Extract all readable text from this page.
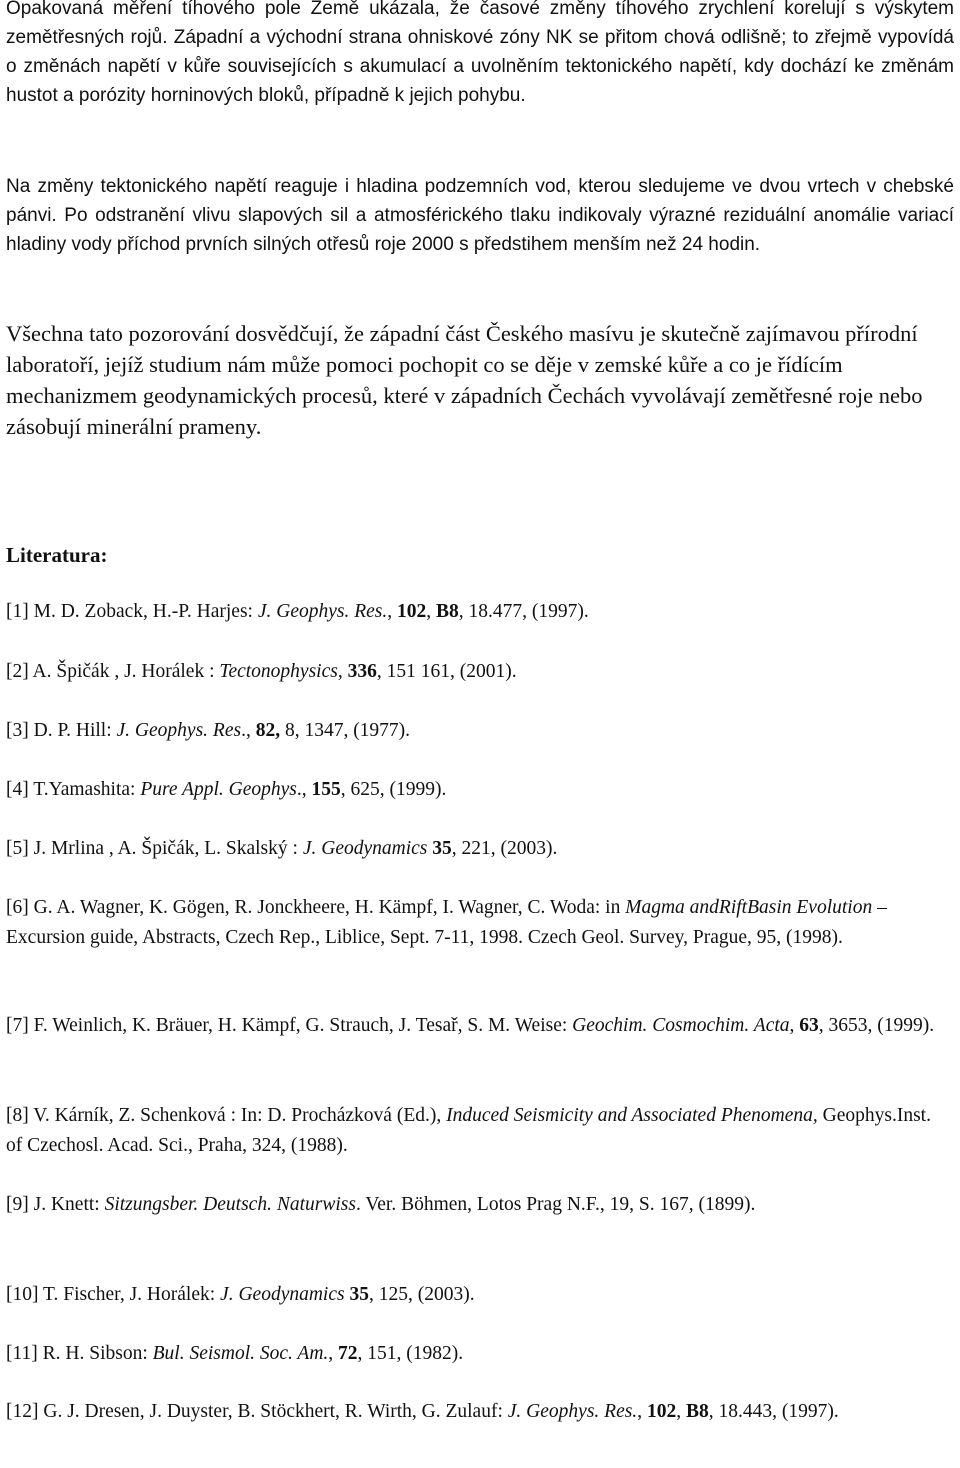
Opakovaná měření tíhového pole Země ukázala, že časové změny tíhového zrychlení korelují s výskytem zemětřesných rojů. Západní a východní strana ohniskové zóny NK se přitom chová odlišně; to zřejmě vypovídá o změnách napětí v kůře souvisejících s akumulací a uvolněním tektonického napětí, kdy dochází ke změnám hustot a porózity horninových bloků, případně k jejich pohybu.

Na změny tektonického napětí reaguje i hladina podzemních vod, kterou sledujeme ve dvou vrtech v chebské pánvi. Po odstranění vlivu slapových sil a atmosférického tlaku indikovaly výrazné reziduální anomálie variací hladiny vody příchod prvních silných otřesů roje 2000 s předstihem menším než 24 hodin.

Všechna tato pozorování dosvědčují, že západní část Českého masívu je skutečně zajímavou přírodní laboratoří, jejíž studium nám může pomoci pochopit co se děje v zemské kůře a co je řídícím mechanizmem geodynamických procesů, které v západních Čechách vyvolávají zemětřesné roje nebo zásobují minerální prameny.

Literatura:
[1] M. D. Zoback, H.-P. Harjes: J. Geophys. Res., 102, B8, 18.477, (1997).
[2] A. Špičák , J. Horálek : Tectonophysics, 336, 151 161, (2001).
[3] D. P. Hill: J. Geophys. Res., 82, 8, 1347, (1977).
[4] T.Yamashita: Pure Appl. Geophys., 155, 625, (1999).
[5] J. Mrlina , A. Špičák, L. Skalský : J. Geodynamics 35, 221, (2003).
[6] G. A. Wagner, K. Gögen, R. Jonckheere, H. Kämpf, I. Wagner, C. Woda: in Magma andRiftBasin Evolution – Excursion guide, Abstracts, Czech Rep., Liblice, Sept. 7-11, 1998. Czech Geol. Survey, Prague, 95, (1998).
[7] F. Weinlich, K. Bräuer, H. Kämpf, G. Strauch, J. Tesař, S. M. Weise: Geochim. Cosmochim. Acta, 63, 3653, (1999).
[8] V. Kárník, Z. Schenková : In: D. Procházková (Ed.), Induced Seismicity and Associated Phenomena, Geophys.Inst. of Czechosl. Acad. Sci., Praha, 324, (1988).
[9] J. Knett: Sitzungsber. Deutsch. Naturwiss. Ver. Böhmen, Lotos Prag N.F., 19, S. 167, (1899).
[10] T. Fischer, J. Horálek: J. Geodynamics 35, 125, (2003).
[11] R. H. Sibson: Bul. Seismol. Soc. Am., 72, 151, (1982).
[12] G. J. Dresen, J. Duyster, B. Stöckhert, R. Wirth, G. Zulauf: J. Geophys. Res., 102, B8, 18.443, (1997).
